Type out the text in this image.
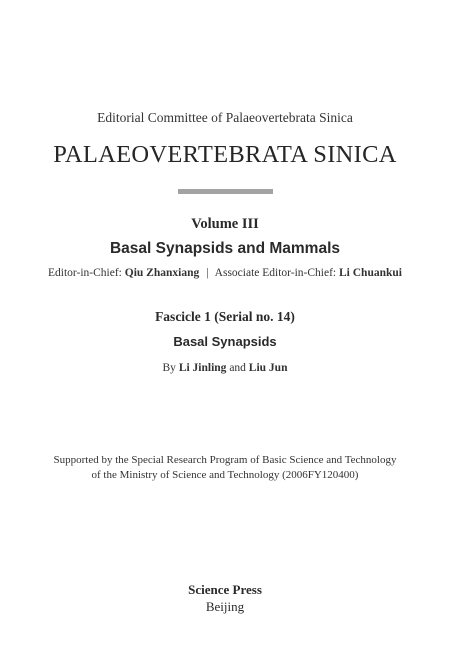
Editorial Committee of Palaeovertebrata Sinica
PALAEOVERTEBRATA SINICA
Volume III
Basal Synapsids and Mammals
Editor-in-Chief: Qiu Zhanxiang | Associate Editor-in-Chief: Li Chuankui
Fascicle 1 (Serial no. 14)
Basal Synapsids
By Li Jinling and Liu Jun
Supported by the Special Research Program of Basic Science and Technology
of the Ministry of Science and Technology (2006FY120400)
Science Press
Beijing
